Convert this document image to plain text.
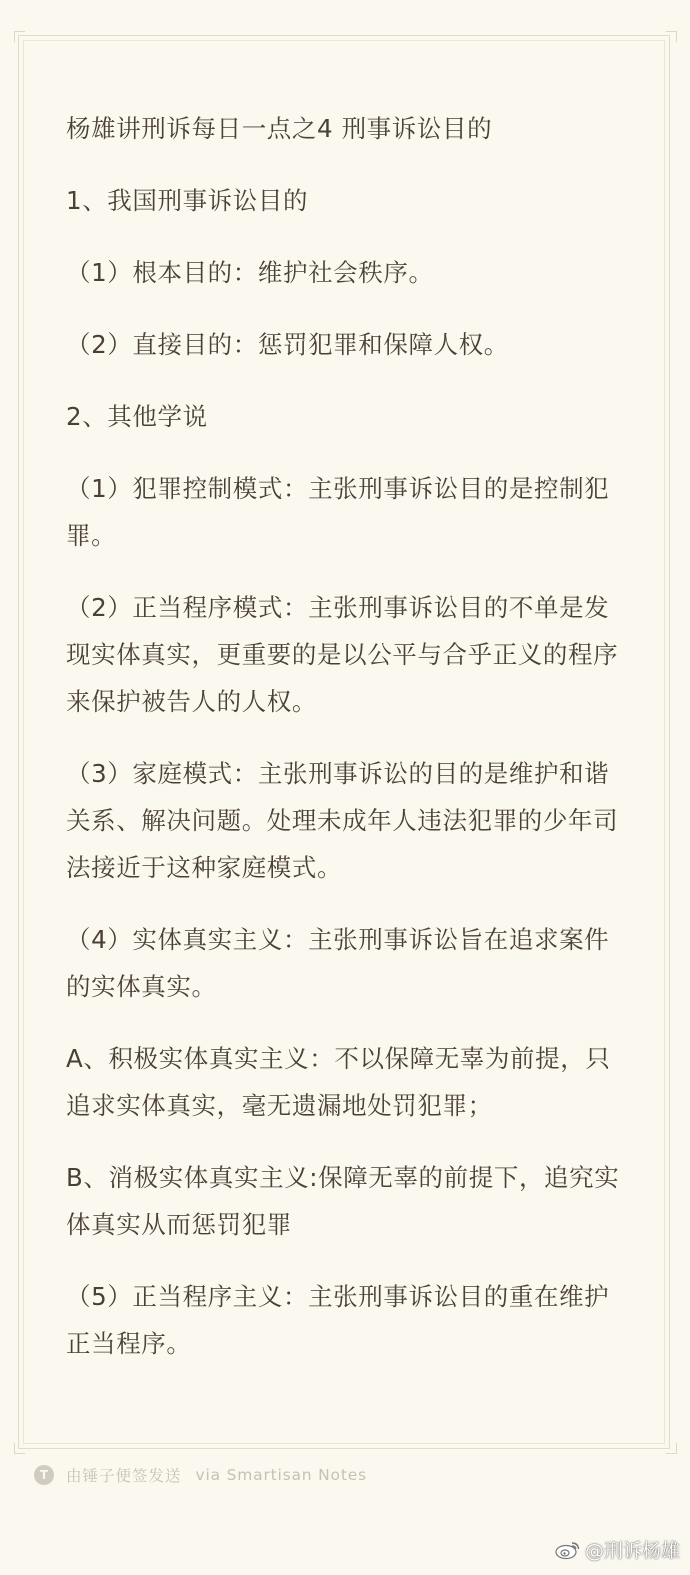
杨雄讲刑诉每日一点之4 刑事诉讼目的

1、我国刑事诉讼目的

（1）根本目的：维护社会秩序。

（2）直接目的：惩罚犯罪和保障人权。

2、其他学说

（1）犯罪控制模式：主张刑事诉讼目的是控制犯罪。

（2）正当程序模式：主张刑事诉讼目的不单是发现实体真实，更重要的是以公平与合乎正义的程序来保护被告人的人权。

（3）家庭模式：主张刑事诉讼的目的是维护和谐关系、解决问题。处理未成年人违法犯罪的少年司法接近于这种家庭模式。

（4）实体真实主义：主张刑事诉讼旨在追求案件的实体真实。

A、积极实体真实主义：不以保障无辜为前提，只追求实体真实，毫无遗漏地处罚犯罪；

B、消极实体真实主义:保障无辜的前提下，追究实体真实从而惩罚犯罪

（5）正当程序主义：主张刑事诉讼目的重在维护正当程序。

T	由锤子便签发送 via Smartisan Notes
@刑诉杨雄
